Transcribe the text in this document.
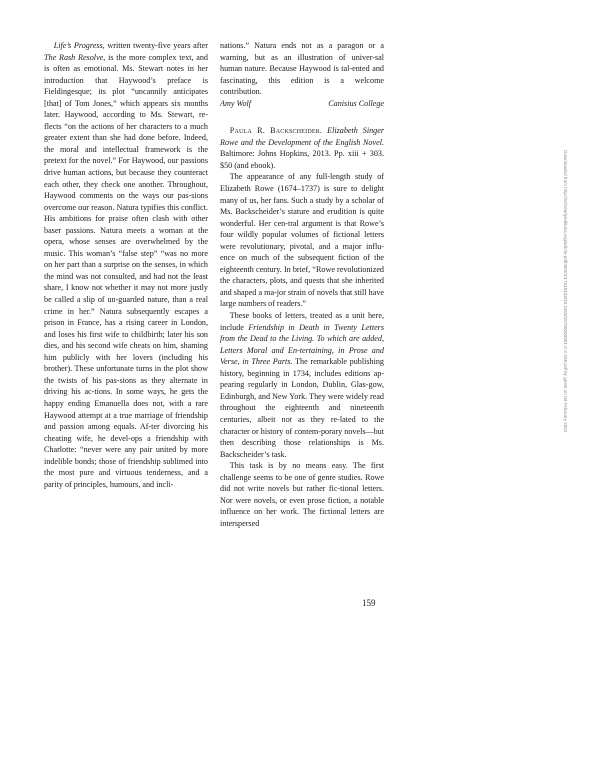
Life’s Progress, written twenty-five years after The Rash Resolve, is the more complex text, and is often as emotional. Ms. Stewart notes in her introduction that Haywood’s preface is Fieldingesque; its plot “uncannily anticipates [that] of Tom Jones,” which appears six months later. Haywood, according to Ms. Stewart, re-​flects “on the actions of her characters to a much greater extent than she had done before. Indeed, the moral and intellectual framework is the pretext for the novel.” For Haywood, our passions drive human actions, but because they counteract each other, they check one another. Throughout, Haywood comments on the ways our pas-​sions overcome our reason. Natura typifies this conflict. His ambitions for praise often clash with other baser passions. Natura meets a woman at the opera, whose senses are overwhelmed by the music. This woman’s “false step” “was no more on her part than a surprise on the senses, in which the mind was not consulted, and had not the least share, I know not whether it may not more justly be called a slip of un-​guarded nature, than a real crime in her.” Natura subsequently escapes a prison in France, has a rising career in London, and loses his first wife to childbirth; later his son dies, and his second wife cheats on him, shaming him publicly with her lovers (including his brother). These unfortunate turns in the plot show the twists of his pas-​sions as they alternate in driving his ac-​tions. In some ways, he gets the happy ending Emanuella does not, with a rare Haywood attempt at a true marriage of friendship and passion among equals. Af-​ter divorcing his cheating wife, he devel-​ops a friendship with Charlotte: “never were any pair united by more indelible bonds; those of friendship sublimed into the most pure and virtuous tenderness, and a parity of principles, humours, and incli-

nations.” Natura ends not as a paragon or a warning, but as an illustration of univer-​sal human nature. Because Haywood is tal-​ented and fascinating, this edition is a welcome contribution.

Amy Wolf	Canisius College

Paula R. Backscheider. Elizabeth Singer Rowe and the Development of the English Novel. Baltimore: Johns Hopkins, 2013. Pp. xiii + 303. $50 (and ebook).

The appearance of any full-length study of Elizabeth Rowe (1674–1737) is sure to delight many of us, her fans. Such a study by a scholar of Ms. Backscheider’s stature and erudition is quite wonderful. Her cen-​tral argument is that Rowe’s four wildly popular volumes of fictional letters were revolutionary, pivotal, and a major influ-​ence on much of the subsequent fiction of the eighteenth century. In brief, “Rowe revolutionized the characters, plots, and quests that she inherited and shaped a ma-​jor strain of novels that still have large numbers of readers.”

These books of letters, treated as a unit here, include Friendship in Death in Twenty Letters from the Dead to the Living. To which are added, Letters Moral and En-​tertaining, in Prose and Verse, in Three Parts. The remarkable publishing history, beginning in 1734, includes editions ap-​pearing regularly in London, Dublin, Glas-​gow, Edinburgh, and New York. They were widely read throughout the eighteenth and nineteenth centuries, albeit not as they re-​lated to the character or history of contem-​porary novels—but then describing those relationships is Ms. Backscheider’s task.

This task is by no means easy. The first challenge seems to be one of genre studies. Rowe did not write novels but rather fic-​tional letters. Nor were novels, or even prose fiction, a notable influence on her work. The fictional letters are interspersed

159
Downloaded from http://scholarlyeditions.org/article-pdf/48/4/2/17515133/10.1163/15700000001-2-2-159.pdf by guest on 04 February 2022
